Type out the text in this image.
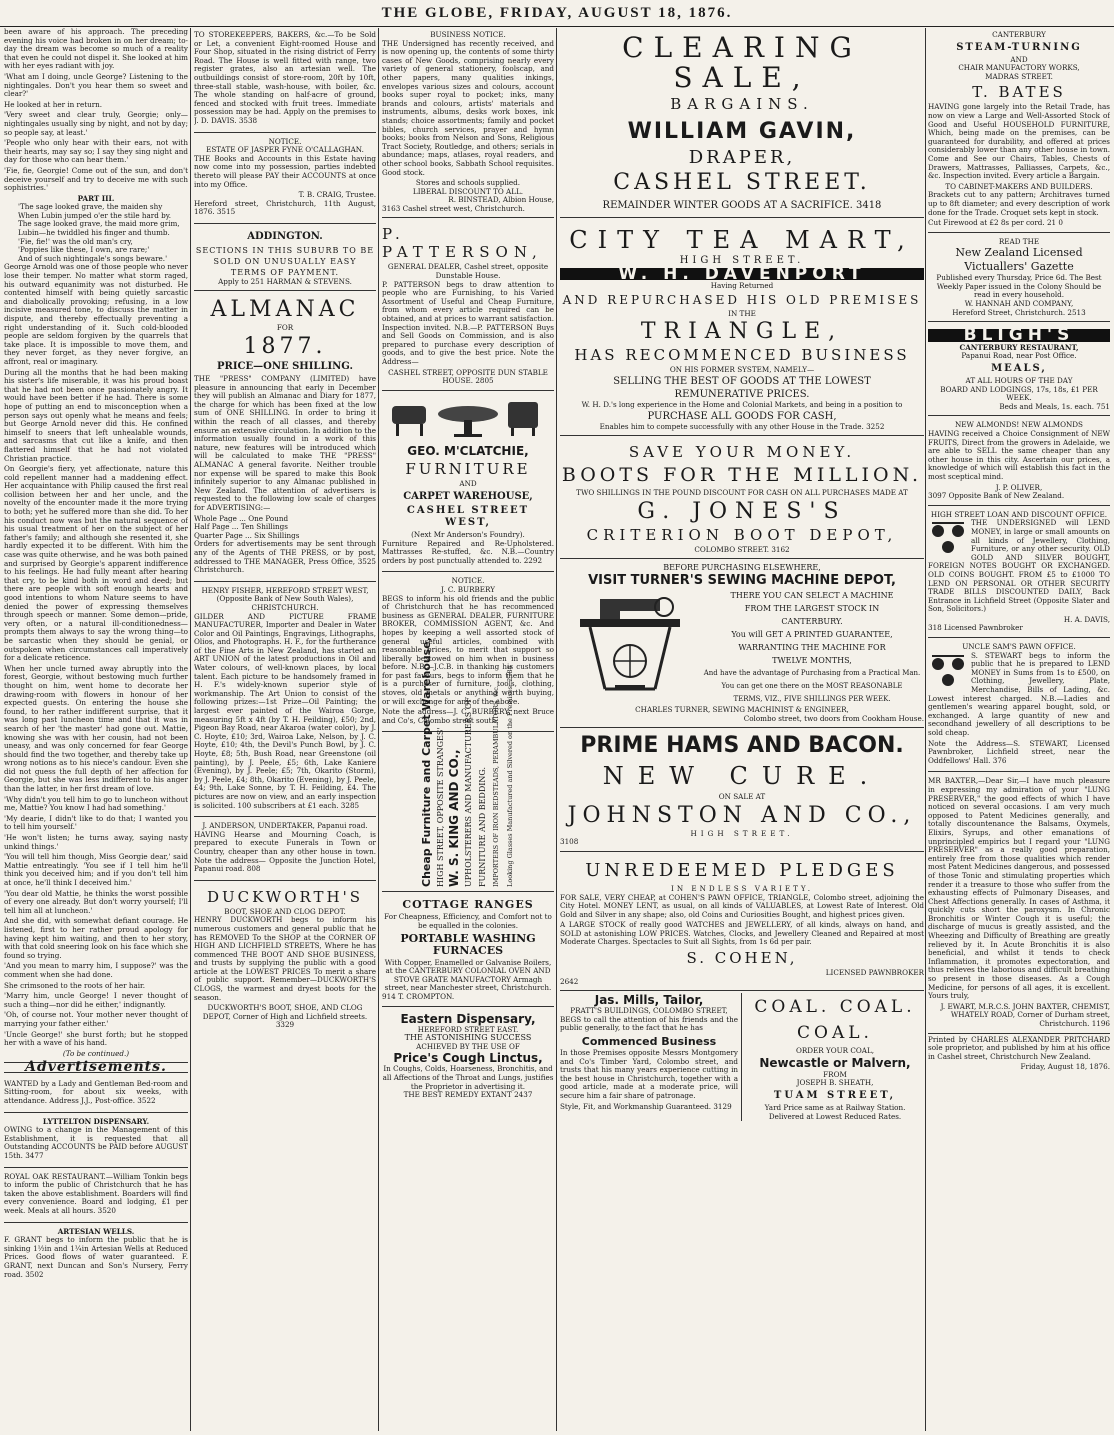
THE GLOBE, FRIDAY, AUGUST 18, 1876.

been aware of his approach. The preceding evening his voice had broken in on her dream; to-day the dream was become so much of a reality that even he could not dispel it. She looked at him with her eyes radiant with joy.

'What am I doing, uncle George? Listening to the nightingales. Don't you hear them so sweet and clear?'

He looked at her in return.

'Very sweet and clear truly, Georgie; only—nightingales usually sing by night, and not by day; so people say, at least.'

'People who only hear with their ears, not with their hearts, may say so; I say they sing night and day for those who can hear them.'

'Fie, fie, Georgie! Come out of the sun, and don't deceive yourself and try to deceive me with such sophistries.'

PART III.
'The sage looked grave, the maiden shy
When Lubin jumped o'er the stile hard by.
The sage looked grave, the maid more grim,
Lubin—he twiddled his finger and thumb.
'Fie, fie!' was the old man's cry,
'Poppies like these, I own, are rare;'
And of such nightingale's songs beware.'

George Arnold was one of those people who never lose their temper. No matter what storm raged, his outward equanimity was not disturbed. He contented himself with being quietly sarcastic and diabolically provoking; refusing, in a low incisive measured tone, to discuss the matter in dispute, and thereby effectually preventing a right understanding of it. Such cold-blooded people are seldom forgiven by the quarrels that take place. It is impossible to move them, and they never forget, as they never forgive, an affront, real or imaginary.

During all the months that he had been making his sister's life miserable, it was his proud boast that he had not been once passionately angry. It would have been better if he had. There is some hope of putting an end to misconception when a person says out openly what he means and feels; but George Arnold never did this. He confined himself to sneers that left unhealable wounds, and sarcasms that cut like a knife, and then flattered himself that he had not violated Christian practice.

On Georgie's fiery, yet affectionate, nature this cold repellent manner had a maddening effect. Her acquaintance with Philip caused the first real collision between her and her uncle, and the novelty of the encounter made it the more trying to both; yet he suffered more than she did. To her his conduct now was but the natural sequence of his usual treatment of her on the subject of her father's family; and although she resented it, she hardly expected it to be different. With him the case was quite otherwise, and he was both pained and surprised by Georgie's apparent indifference to his feelings. He had fully meant after hearing that cry, to be kind both in word and deed; but there are people with soft enough hearts and good intentions to whom Nature seems to have denied the power of expressing themselves through speech or manner. Some demon—pride, very often, or a natural ill-conditionedness—prompts them always to say the wrong thing—to be sarcastic when they should be genial, or outspoken when circumstances call imperatively for a delicate reticence.

When her uncle turned away abruptly into the forest, Georgie, without bestowing much further thought on him, went home to decorate her drawing-room with flowers in honour of her expected guests. On entering the house she found, to her rather indifferent surprise, that it was long past luncheon time and that it was in search of her 'the master' had gone out. Mattie, knowing she was with her cousin, had not been uneasy, and was only concerned for fear George should find the two together, and thereby take up wrong notions as to his niece's candour. Even she did not guess the full depth of her affection for Georgie, but she was less indifferent to his anger than the latter, in her first dream of love.

'Why didn't you tell him to go to luncheon without me, Mattie? You know I had had something.'

'My dearie, I didn't like to do that; I wanted you to tell him yourself.'

'He won't listen; he turns away, saying nasty unkind things.'

'You will tell him though, Miss Georgie dear,' said Mattie entreatingly. 'You see if I tell him he'll think you deceived him; and if you don't tell him at once, he'll think I deceived him.'

'You dear old Mattie, he thinks the worst possible of every one already. But don't worry yourself; I'll tell him all at luncheon.'

And she did, with somewhat defiant courage. He listened, first to her rather proud apology for having kept him waiting, and then to her story, with that cold sneering look on his face which she found so trying.

'And you mean to marry him, I suppose?' was the comment when she had done.

She crimsoned to the roots of her hair.

'Marry him, uncle George! I never thought of such a thing—nor did he either,' indignantly.

'Oh, of course not. Your mother never thought of marrying your father either.'

'Uncle George!' she burst forth; but he stopped her with a wave of his hand.

(To be continued.)
Advertisements.

WANTED by a Lady and Gentleman Bed-room and Sitting-room, for about six weeks, with attendance. Address J.J., Post-office. 3522

LYTTELTON DISPENSARY.

OWING to a change in the Management of this Establishment, it is requested that all Outstanding ACCOUNTS be PAID before AUGUST 15th. 3477

ROYAL OAK RESTAURANT.—William Tonkin begs to inform the public of Christchurch that he has taken the above establishment. Boarders will find every convenience. Board and lodging, £1 per week. Meals at all hours. 3520

ARTESIAN WELLS.

F. GRANT begs to inform the public that he is sinking 1½in and 1¼in Artesian Wells at Reduced Prices. Good flows of water guaranteed. F. GRANT, next Duncan and Son's Nursery, Ferry road. 3502

TO STOREKEEPERS, BAKERS, &c.—To be Sold or Let, a convenient Eight-roomed House and Four Shop, situated in the rising district of Ferry Road. The House is well fitted with range, two register grates, also an artesian well. The outbuildings consist of store-room, 20ft by 10ft, three-stall stable, wash-house, with boiler, &c. The whole standing on half-acre of ground, fenced and stocked with fruit trees. Immediate possession may be had. Apply on the premises to J. D. DAVIS. 3538

NOTICE.
ESTATE OF JASPER FYNE O'CALLAGHAN.

THE Books and Accounts in this Estate having now come into my possession, parties indebted thereto will please PAY their ACCOUNTS at once into my Office.

T. B. CRAIG, Trustee.

Hereford street, Christchurch, 11th August, 1876. 3515

ADDINGTON.
SECTIONS IN THIS SUBURB TO BE SOLD ON UNUSUALLY EASY TERMS OF PAYMENT.
Apply to 251 HARMAN & STEVENS.
ALMANAC
FOR
1877.
PRICE—ONE SHILLING.

THE "PRESS" COMPANY (LIMITED) have pleasure in announcing that early in December they will publish an Almanac and Diary for 1877, the charge for which has been fixed at the low sum of ONE SHILLING. In order to bring it within the reach of all classes, and thereby ensure an extensive circulation. In addition to the information usually found in a work of this nature, new features will be introduced which will be calculated to make THE "PRESS" ALMANAC A general favorite. Neither trouble nor expense will be spared to make this Book infinitely superior to any Almanac published in New Zealand. The attention of advertisers is requested to the following low scale of charges for ADVERTISING:—

Whole Page ... One Pound
Half Page ... Ten Shillings
Quarter Page ... Six Shillings

Orders for advertisements may be sent through any of the Agents of THE PRESS, or by post, addressed to THE MANAGER, Press Office, 3525 Christchurch.

HENRY FISHER, HEREFORD STREET WEST, (Opposite Bank of New South Wales), CHRISTCHURCH.

GILDER AND PICTURE FRAME MANUFACTURER, Importer and Dealer in Water Color and Oil Paintings, Engravings, Lithographs, Olios, and Photographs. H. F., for the furtherance of the Fine Arts in New Zealand, has started an ART UNION of the latest productions in Oil and Water colours, of well-known places, by local talent. Each picture to be handsomely framed in H. F.'s widely-known superior style of workmanship. The Art Union to consist of the following prizes:—1st Prize—Oil Painting; the largest ever painted of the Wairoa Gorge, measuring 5ft x 4ft (by T. H. Feilding), £50; 2nd, Pigeon Bay Road, near Akaroa (water color), by J. C. Hoyte, £10; 3rd, Wairoa Lake, Nelson, by J. C. Hoyte, £10; 4th, the Devil's Punch Bowl, by J. C. Hoyte, £8; 5th, Bush Road, near Greenstone (oil painting), by J. Peele, £5; 6th, Lake Kaniere (Evening), by J. Peele; £5; 7th, Okarito (Storm), by J. Peele, £4; 8th, Okarito (Evening), by J. Peele, £4; 9th, Lake Sonne, by T. H. Feilding, £4. The pictures are now on view, and an early inspection is solicited. 100 subscribers at £1 each. 3285

J. ANDERSON, UNDERTAKER, Papanui road.

HAVING Hearse and Mourning Coach, is prepared to execute Funerals in Town or Country, cheaper than any other house in town. Note the address— Opposite the Junction Hotel, Papanui road. 808

DUCKWORTH'S
BOOT, SHOE AND CLOG DEPOT.

HENRY DUCKWORTH begs to inform his numerous customers and general public that he has REMOVED To the SHOP at the CORNER OF HIGH AND LICHFIELD STREETS, Where he has commenced THE BOOT AND SHOE BUSINESS, and trusts by supplying the public with a good article at the LOWEST PRICES To merit a share of public support. Remember—DUCKWORTH'S CLOGS, the warmest and dryest boots for the season.

DUCKWORTH'S BOOT, SHOE, AND CLOG DEPOT, Corner of High and Lichfield streets. 3329
BUSINESS NOTICE.

THE Undersigned has recently received, and is now opening up, the contents of some thirty cases of New Goods, comprising nearly every variety of general stationery, foolscap, and other papers, many qualities inkings, envelopes various sizes and colours, account books super royal to pocket; inks, many brands and colours, artists' materials and instruments, albums, desks work boxes, ink stands; choice assortments; family and pocket bibles, church services, prayer and hymn books; books from Nelson and Sons, Religious Tract Society, Routledge, and others; serials in abundance; maps, atlases, royal readers, and other school books, Sabbath School requisites. Good stock.

Stores and schools supplied.
LIBERAL DISCOUNT TO ALL.
R. BINSTEAD, Albion House,
3163 Cashel street west, Christchurch.
P. PATTERSON,
GENERAL DEALER, Cashel street, opposite Dunstable House.

P. PATTERSON begs to draw attention to people who are Furnishing, to his Varied Assortment of Useful and Cheap Furniture, from whom every article required can be obtained, and at prices to warrant satisfaction. Inspection invited. N.B.—P. PATTERSON Buys and Sell Goods on Commission, and is also prepared to purchase every description of goods, and to give the best price. Note the Address—

CASHEL STREET, OPPOSITE DUN STABLE HOUSE. 2805
GEO. M'CLATCHIE,
FURNITURE
AND
CARPET WAREHOUSE,
CASHEL STREET WEST,
(Next Mr Anderson's Foundry).

Furniture Repaired and Re-Upholstered. Mattrasses Re-stuffed, &c. N.B.—Country orders by post punctually attended to. 2292

NOTICE.
J. C. BURBERY

BEGS to inform his old friends and the public of Christchurch that he has recommenced business as GENERAL DEALER, FURNITURE BROKER, COMMISSION AGENT, &c. And hopes by keeping a well assorted stock of general useful articles, combined with reasonable prices, to merit that support so liberally bestowed on him when in business before. N.B.—J.C.B. in thanking his customers for past favours, begs to inform them that he is a purchaser of furniture, tools, clothing, stoves, old metals or anything worth buying, or will exchange for any of the above.

Note the address—J. C. BURBERY, next Bruce and Co's, Colombo street south.

Cheap Furniture and Carpet Warehouse, HIGH STREET, OPPOSITE STRANGES' W. S. KING AND CO., UPHOLSTERERS AND MANUFACTURERS OF FURNITURE AND BEDDING. IMPORTERS OF IRON BEDSTEADS, PERAMBULATORS, &c. Looking Glasses Manufactured and Silvered on the Premises. 2784
COTTAGE RANGES
For Cheapness, Efficiency, and Comfort not to be equalled in the colonies.
PORTABLE WASHING FURNACES
With Copper, Enamelled or Galvanise Boilers, at the CANTERBURY COLONIAL OVEN AND STOVE GRATE MANUFACTORY Armagh street, near Manchester street, Christchurch.
914 T. CROMPTON.
Eastern Dispensary,
HEREFORD STREET EAST.
THE ASTONISHING SUCCESS
ACHIEVED BY THE USE OF
Price's Cough Linctus,
In Coughs, Colds, Hoarseness, Bronchitis, and all Affections of the Throat and Lungs, justifies the Proprietor in advertising it.
THE BEST REMEDY EXTANT 2437
CLEARING SALE,
BARGAINS.
WILLIAM GAVIN,
DRAPER,
CASHEL STREET.
REMAINDER WINTER GOODS AT A SACRIFICE. 3418
CITY TEA MART,
HIGH STREET.
W. H. DAVENPORT
Having Returned
AND REPURCHASED HIS OLD PREMISES
IN THE
TRIANGLE,
HAS RECOMMENCED BUSINESS
ON HIS FORMER SYSTEM, NAMELY—
SELLING THE BEST OF GOODS AT THE LOWEST
REMUNERATIVE PRICES.
W. H. D.'s long experience in the Home and Colonial Markets, and being in a position to
PURCHASE ALL GOODS FOR CASH,
Enables him to compete successfully with any other House in the Trade. 3252
SAVE YOUR MONEY.
BOOTS FOR THE MILLION.
TWO SHILLINGS IN THE POUND DISCOUNT FOR CASH ON ALL PURCHASES MADE AT
G. JONES'S
CRITERION BOOT DEPOT,
COLOMBO STREET. 3162
BEFORE PURCHASING ELSEWHERE,
VISIT TURNER'S SEWING MACHINE DEPOT,
THERE YOU CAN SELECT A MACHINE
FROM THE LARGEST STOCK IN
CANTERBURY.
You will GET A PRINTED GUARANTEE,
WARRANTING THE MACHINE FOR
TWELVE MONTHS,
And have the advantage of Purchasing from a Practical Man.
You can get one there on the MOST REASONABLE
TERMS, VIZ., FIVE SHILLINGS PER WEEK.
CHARLES TURNER, SEWING MACHINIST & ENGINEER,
Colombo street, two doors from Cookham House.
PRIME HAMS AND BACON.
NEW CURE.
ON SALE AT
JOHNSTON AND CO.,
HIGH STREET.
3108
UNREDEEMED PLEDGES
IN ENDLESS VARIETY.

FOR SALE, VERY CHEAP, at COHEN'S PAWN OFFICE, TRIANGLE, Colombo street, adjoining the City Hotel. MONEY LENT, as usual, on all kinds of VALUABLES, at Lowest Rate of Interest. Old Gold and Silver in any shape; also, old Coins and Curiosities Bought, and highest prices given.

A LARGE STOCK of really good WATCHES and JEWELLERY, of all kinds, always on hand, and SOLD at astonishing LOW PRICES. Watches, Clocks, and Jewellery Cleaned and Repaired at most Moderate Charges. Spectacles to Suit all Sights, from 1s 6d per pair.

S. COHEN,
LICENSED PAWNBROKER
2642
Jas. Mills, Tailor,
PRATT'S BUILDINGS, COLOMBO STREET,

BEGS to call the attention of his friends and the public generally, to the fact that he has

Commenced Business

In those Premises opposite Messrs Montgomery and Co's Timber Yard, Colombo street, and trusts that his many years experience cutting in the best house in Christchurch, together with a good article, made at a moderate price, will secure him a fair share of patronage.

Style, Fit, and Workmanship Guaranteed. 3129
COAL. COAL.
COAL.
ORDER YOUR COAL,
Newcastle or Malvern,
FROM
JOSEPH B. SHEATH,
TUAM STREET,
Yard Price same as at Railway Station. Delivered at Lowest Reduced Rates.
CANTERBURY
STEAM-TURNING
AND
CHAIR MANUFACTORY WORKS,
MADRAS STREET.
T. BATES

HAVING gone largely into the Retail Trade, has now on view a Large and Well-Assorted Stock of Good and Useful HOUSEHOLD FURNITURE, Which, being made on the premises, can be guaranteed for durability, and offered at prices considerably lower than any other house in town. Come and See our Chairs, Tables, Chests of Drawers, Mattrasses, Palliasses, Carpets, &c., &c. Inspection invited. Every article a Bargain.

TO CABINET-MAKERS AND BUILDERS.

Brackets cut to any pattern; Architraves turned up to 8ft diameter; and every description of work done for the Trade. Croquet sets kept in stock.

Cut Firewood at £2 8s per cord. 21 0
READ THE
New Zealand Licensed Victuallers' Gazette
Published every Thursday, Price 6d. The Best Weekly Paper issued in the Colony Should be read in every household.
W. HANNAH AND COMPANY,
Hereford Street, Christchurch. 2513
BLIGH'S
CANTERBURY RESTAURANT,
Papanui Road, near Post Office.
MEALS,
AT ALL HOURS OF THE DAY
BOARD AND LODGINGS, 17s, 18s, £1 PER WEEK.
Beds and Meals, 1s. each. 751
NEW ALMONDS! NEW ALMONDS

HAVING received a Choice Consignment of NEW FRUITS, Direct from the growers in Adelaide, we are able to SELL the same cheaper than any other house in this city. Ascertain our prices, a knowledge of which will establish this fact in the most sceptical mind.

J. P. OLIVER,
3097 Opposite Bank of New Zealand.
HIGH STREET LOAN AND DISCOUNT OFFICE.

THE UNDERSIGNED will LEND MONEY, in large or small amounts on all kinds of Jewellery, Clothing, Furniture, or any other security. OLD GOLD AND SILVER BOUGHT, FOREIGN NOTES BOUGHT OR EXCHANGED. OLD COINS BOUGHT. FROM £5 to £1000 TO LEND ON PERSONAL OR OTHER SECURITY TRADE BILLS DISCOUNTED DAILY, Back Entrance in Lichfield Street (Opposite Slater and Son, Solicitors.)

H. A. DAVIS,
318 Licensed Pawnbroker
UNCLE SAM'S PAWN OFFICE.

S. STEWART begs to inform the public that he is prepared to LEND MONEY in Sums from 1s to £500, on Clothing, Jewellery, Plate, Merchandise, Bills of Lading, &c. Lowest interest charged. N.B.—Ladies and gentlemen's wearing apparel bought, sold, or exchanged. A large quantity of new and secondhand jewellery of all descriptions to be sold cheap.

Note the Address—S. STEWART, Licensed Pawnbroker, Lichfield street, near the Oddfellows' Hall. 376

MR BAXTER,—Dear Sir,—I have much pleasure in expressing my admiration of your "LUNG PRESERVER," the good effects of which I have noticed on several occasions. I am very much opposed to Patent Medicines generally, and totally discountenance the Balsams, Oxymels, Elixirs, Syrups, and other emanations of unprincipled empirics but I regard your "LUNG PRESERVER" as a really good preparation, entirely free from those qualities which render most Patent Medicines dangerous, and possessed of those Tonic and stimulating properties which render it a treasure to those who suffer from the exhausting effects of Pulmonary Diseases, and Chest Affections generally. In cases of Asthma, it quickly cuts short the paroxysm. In Chronic Bronchitis or Winter Cough it is useful; the discharge of mucus is greatly assisted, and the Wheezing and Difficulty of Breathing are greatly relieved by it. In Acute Bronchitis it is also beneficial, and whilst it tends to check Inflammation, it promotes expectoration, and thus relieves the laborious and difficult breathing so present in those diseases. As a Cough Medicine, for persons of all ages, it is excellent. Yours truly,

J. EWART, M.R.C.S. JOHN BAXTER, CHEMIST, WHATELY ROAD, Corner of Durham street, Christchurch. 1196

Printed by CHARLES ALEXANDER PRITCHARD sole proprietor, and published by him at his office in Cashel street, Christchurch New Zealand.

Friday, August 18, 1876.
